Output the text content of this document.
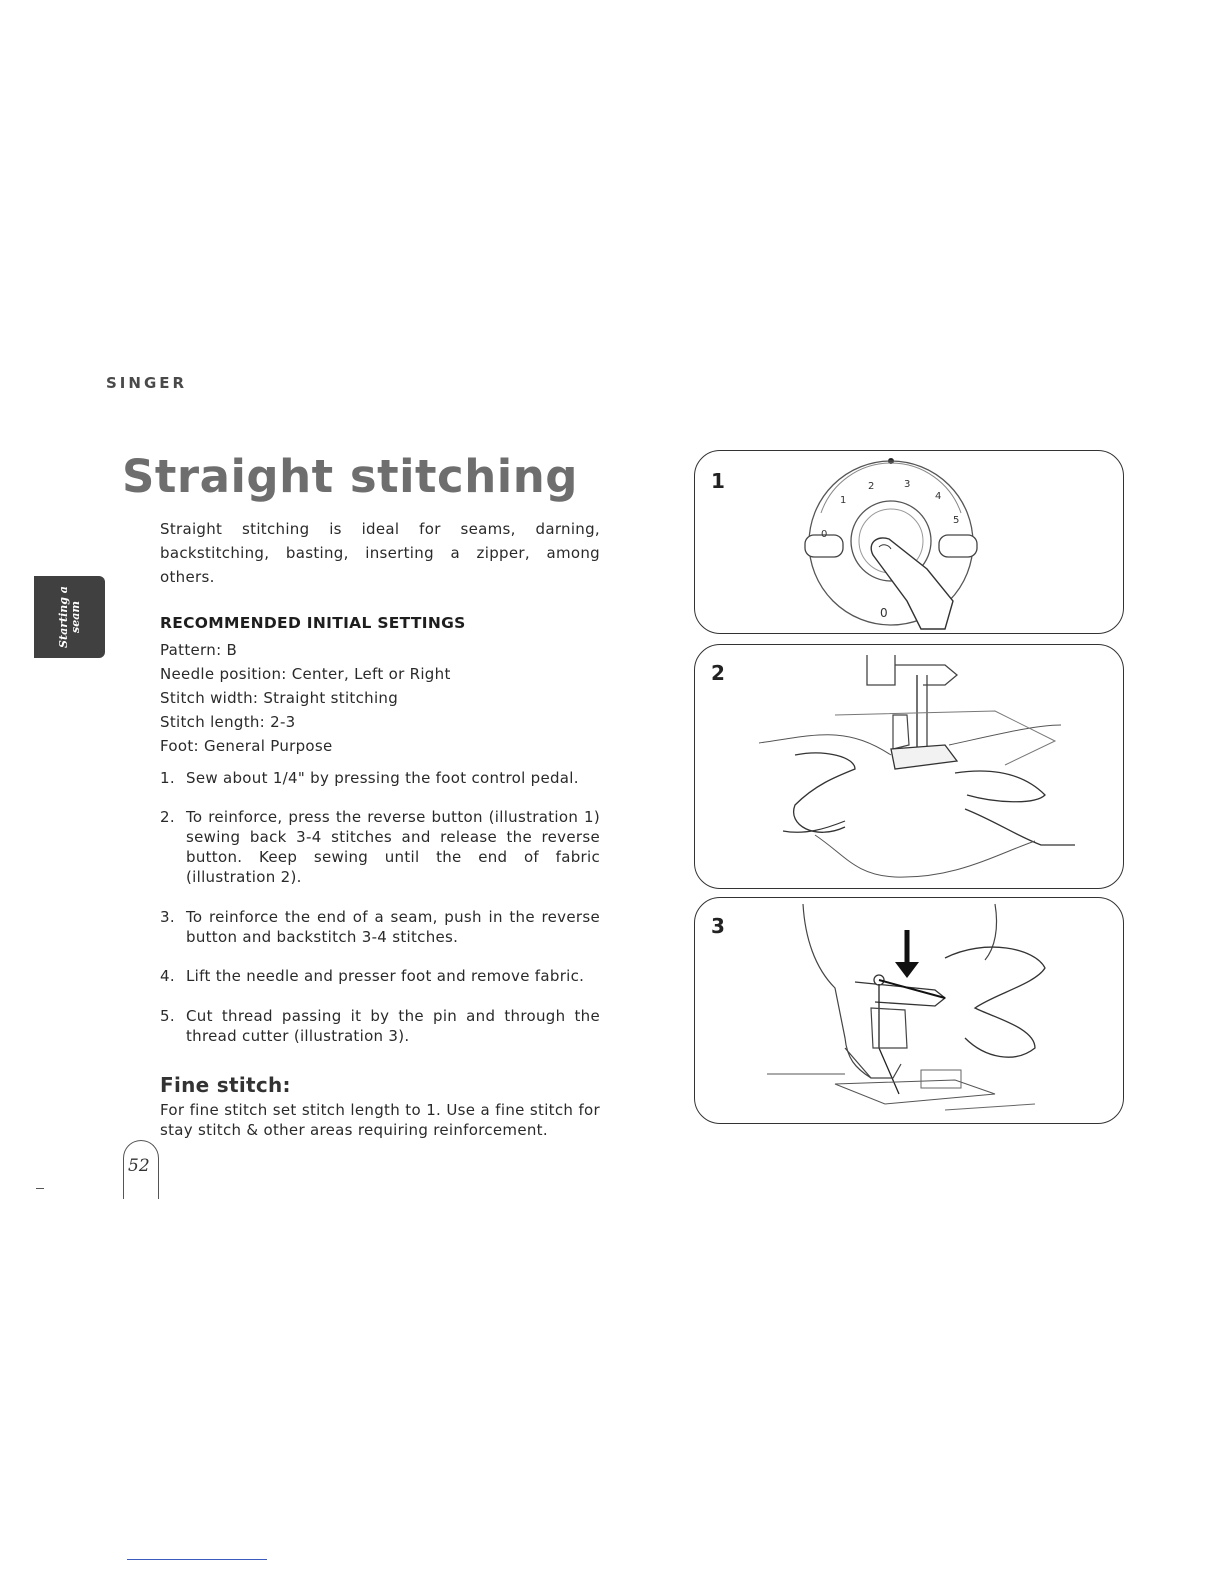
SINGER
Straight stitching
Starting a
seam

Straight stitching is ideal for seams, darning, backstitching, basting, inserting a zipper, among others.

RECOMMENDED INITIAL SETTINGS
Pattern: B
Needle position: Center, Left or Right
Stitch width: Straight stitching
Stitch length: 2-3
Foot: General Purpose
1. Sew about 1/4" by pressing the foot control pedal.
2. To reinforce, press the reverse button (illustration 1) sewing back 3-4 stitches and release the reverse button. Keep sewing until the end of fabric (illustration 2).
3. To reinforce the end of a seam, push in the reverse button and backstitch 3-4 stitches.
4. Lift the needle and presser foot and remove fabric.
5. Cut thread passing it by the pin and through the thread cutter (illustration 3).
Fine stitch:

For fine stitch set stitch length to 1. Use a fine stitch for stay stitch & other areas requiring reinforcement.

52
1
0
1
2	3
4
5
0
2
3
